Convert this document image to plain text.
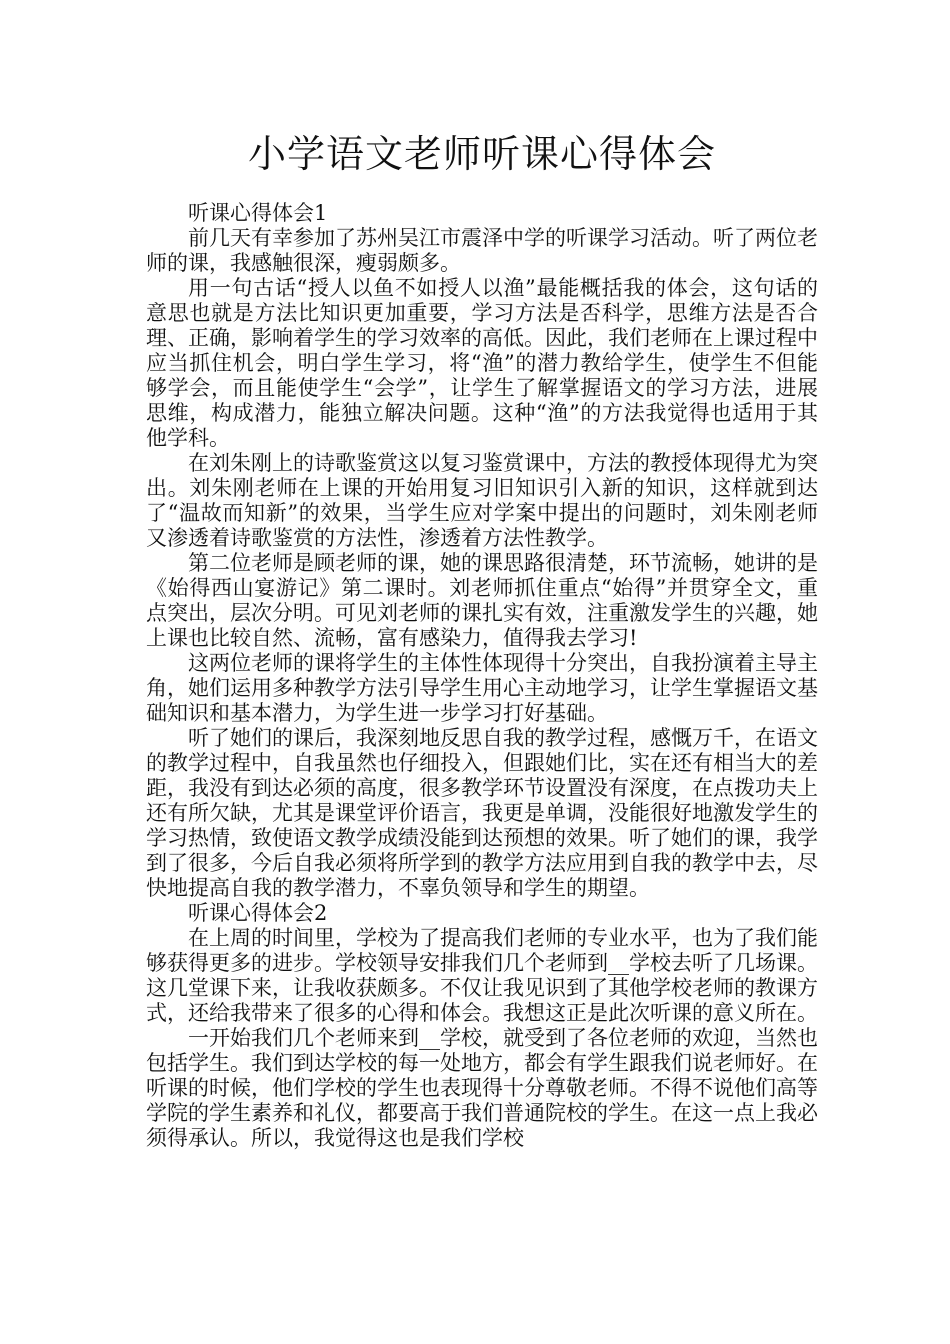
小学语文老师听课心得体会

听课心得体会1

前几天有幸参加了苏州吴江市震泽中学的听课学习活动。听了两位老师的课，我感触很深，瘦弱颇多。

用一句古话“授人以鱼不如授人以渔”最能概括我的体会，这句话的意思也就是方法比知识更加重要，学习方法是否科学，思维方法是否合理、正确，影响着学生的学习效率的高低。因此，我们老师在上课过程中应当抓住机会，明白学生学习，将“渔”的潜力教给学生，使学生不但能够学会，而且能使学生“会学”，让学生了解掌握语文的学习方法，进展思维，构成潜力，能独立解决问题。这种“渔”的方法我觉得也适用于其他学科。

在刘朱刚上的诗歌鉴赏这以复习鉴赏课中，方法的教授体现得尤为突出。刘朱刚老师在上课的开始用复习旧知识引入新的知识，这样就到达了“温故而知新”的效果，当学生应对学案中提出的问题时，刘朱刚老师又渗透着诗歌鉴赏的方法性，渗透着方法性教学。

第二位老师是顾老师的课，她的课思路很清楚，环节流畅，她讲的是《始得西山宴游记》第二课时。刘老师抓住重点“始得”并贯穿全文，重点突出，层次分明。可见刘老师的课扎实有效，注重激发学生的兴趣，她上课也比较自然、流畅，富有感染力，值得我去学习!

这两位老师的课将学生的主体性体现得十分突出，自我扮演着主导主角，她们运用多种教学方法引导学生用心主动地学习，让学生掌握语文基础知识和基本潜力，为学生进一步学习打好基础。

听了她们的课后，我深刻地反思自我的教学过程，感慨万千，在语文的教学过程中，自我虽然也仔细投入，但跟她们比，实在还有相当大的差距，我没有到达必须的高度，很多教学环节设置没有深度，在点拨功夫上还有所欠缺，尤其是课堂评价语言，我更是单调，没能很好地激发学生的学习热情，致使语文教学成绩没能到达预想的效果。听了她们的课，我学到了很多，今后自我必须将所学到的教学方法应用到自我的教学中去，尽快地提高自我的教学潜力，不辜负领导和学生的期望。

听课心得体会2

在上周的时间里，学校为了提高我们老师的专业水平，也为了我们能够获得更多的进步。学校领导安排我们几个老师到__学校去听了几场课。这几堂课下来，让我收获颇多。不仅让我见识到了其他学校老师的教课方式，还给我带来了很多的心得和体会。我想这正是此次听课的意义所在。

一开始我们几个老师来到__学校，就受到了各位老师的欢迎，当然也包括学生。我们到达学校的每一处地方，都会有学生跟我们说老师好。在听课的时候，他们学校的学生也表现得十分尊敬老师。不得不说他们高等学院的学生素养和礼仪，都要高于我们普通院校的学生。在这一点上我必须得承认。所以，我觉得这也是我们学校
